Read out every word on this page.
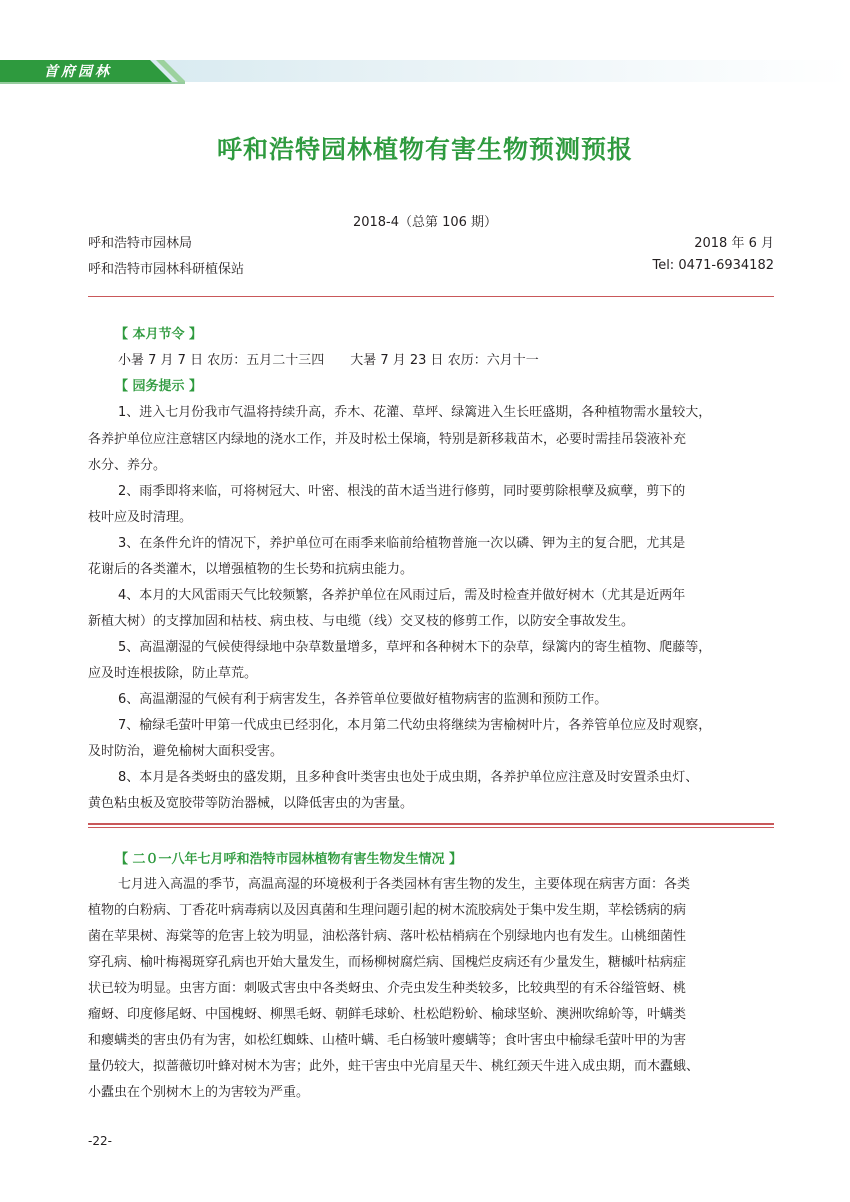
首府园林
呼和浩特园林植物有害生物预测预报
2018-4（总第 106 期）
呼和浩特市园林局	2018 年 6 月
呼和浩特市园林科研植保站	Tel: 0471-6934182
【 本月节令 】
小暑 7 月 7 日 农历：五月二十三四 大暑 7 月 23 日 农历：六月十一
【 园务提示 】
1、进入七月份我市气温将持续升高，乔木、花灌、草坪、绿篱进入生长旺盛期，各种植物需水量较大，
各养护单位应注意辖区内绿地的浇水工作，并及时松土保墒，特别是新移栽苗木，必要时需挂吊袋液补充
水分、养分。
2、雨季即将来临，可将树冠大、叶密、根浅的苗木适当进行修剪，同时要剪除根孽及疯孽，剪下的
枝叶应及时清理。
3、在条件允许的情况下，养护单位可在雨季来临前给植物普施一次以磷、钾为主的复合肥，尤其是
花谢后的各类灌木，以增强植物的生长势和抗病虫能力。
4、本月的大风雷雨天气比较频繁，各养护单位在风雨过后，需及时检查并做好树木（尤其是近两年
新植大树）的支撑加固和枯枝、病虫枝、与电缆（线）交叉枝的修剪工作，以防安全事故发生。
5、高温潮湿的气候使得绿地中杂草数量增多，草坪和各种树木下的杂草，绿篱内的寄生植物、爬藤等，
应及时连根拔除，防止草荒。
6、高温潮湿的气候有利于病害发生，各养管单位要做好植物病害的监测和预防工作。
7、榆绿毛萤叶甲第一代成虫已经羽化，本月第二代幼虫将继续为害榆树叶片，各养管单位应及时观察，
及时防治，避免榆树大面积受害。
8、本月是各类蚜虫的盛发期，且多种食叶类害虫也处于成虫期，各养护单位应注意及时安置杀虫灯、
黄色粘虫板及宽胶带等防治器械，以降低害虫的为害量。
【 二０一八年七月呼和浩特市园林植物有害生物发生情况 】
七月进入高温的季节，高温高湿的环境极利于各类园林有害生物的发生，主要体现在病害方面：各类
植物的白粉病、丁香花叶病毒病以及因真菌和生理问题引起的树木流胶病处于集中发生期，苹桧锈病的病
菌在苹果树、海棠等的危害上较为明显，油松落针病、落叶松枯梢病在个别绿地内也有发生。山桃细菌性
穿孔病、榆叶梅褐斑穿孔病也开始大量发生，而杨柳树腐烂病、国槐烂皮病还有少量发生，糖槭叶枯病症
状已较为明显。虫害方面：刺吸式害虫中各类蚜虫、介壳虫发生种类较多，比较典型的有禾谷缢管蚜、桃
瘤蚜、印度修尾蚜、中国槐蚜、柳黑毛蚜、朝鲜毛球蚧、杜松皑粉蚧、榆球坚蚧、澳洲吹绵蚧等，叶螨类
和瘿螨类的害虫仍有为害，如松红蜘蛛、山楂叶螨、毛白杨皱叶瘿螨等；食叶害虫中榆绿毛萤叶甲的为害
量仍较大，拟蔷薇切叶蜂对树木为害；此外，蛀干害虫中光肩星天牛、桃红颈天牛进入成虫期，而木蠹蛾、
小蠹虫在个别树木上的为害较为严重。
-22-
